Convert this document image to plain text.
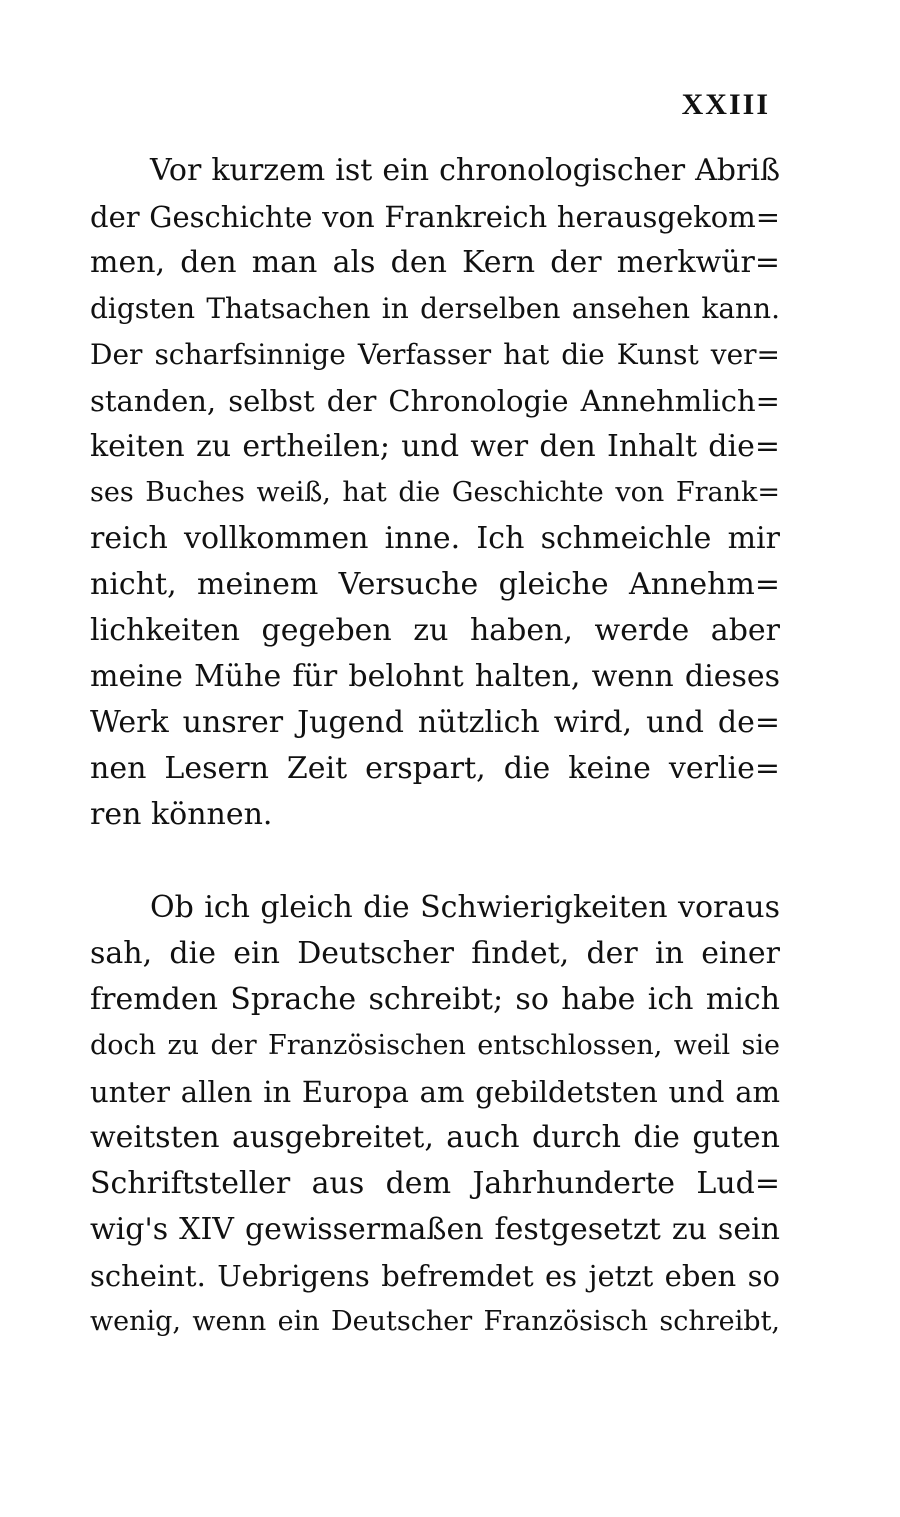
XXIII
Vor kurzem ist ein chronologischer Abriß
der Geschichte von Frankreich herausgekom=
men, den man als den Kern der merkwür=
digsten Thatsachen in derselben ansehen kann.
Der scharfsinnige Verfasser hat die Kunst ver=
standen, selbst der Chronologie Annehmlich=
keiten zu ertheilen; und wer den Inhalt die=
ses Buches weiß, hat die Geschichte von Frank=
reich vollkommen inne. Ich schmeichle mir
nicht, meinem Versuche gleiche Annehm=
lichkeiten gegeben zu haben, werde aber
meine Mühe für belohnt halten, wenn dieses
Werk unsrer Jugend nützlich wird, und de=
nen Lesern Zeit erspart, die keine verlie=
ren können.
Ob ich gleich die Schwierigkeiten voraus
sah, die ein Deutscher findet, der in einer
fremden Sprache schreibt; so habe ich mich
doch zu der Französischen entschlossen, weil sie
unter allen in Europa am gebildetsten und am
weitsten ausgebreitet, auch durch die guten
Schriftsteller aus dem Jahrhunderte Lud=
wig's XIV gewissermaßen festgesetzt zu sein
scheint. Uebrigens befremdet es jetzt eben so
wenig, wenn ein Deutscher Französisch schreibt,
